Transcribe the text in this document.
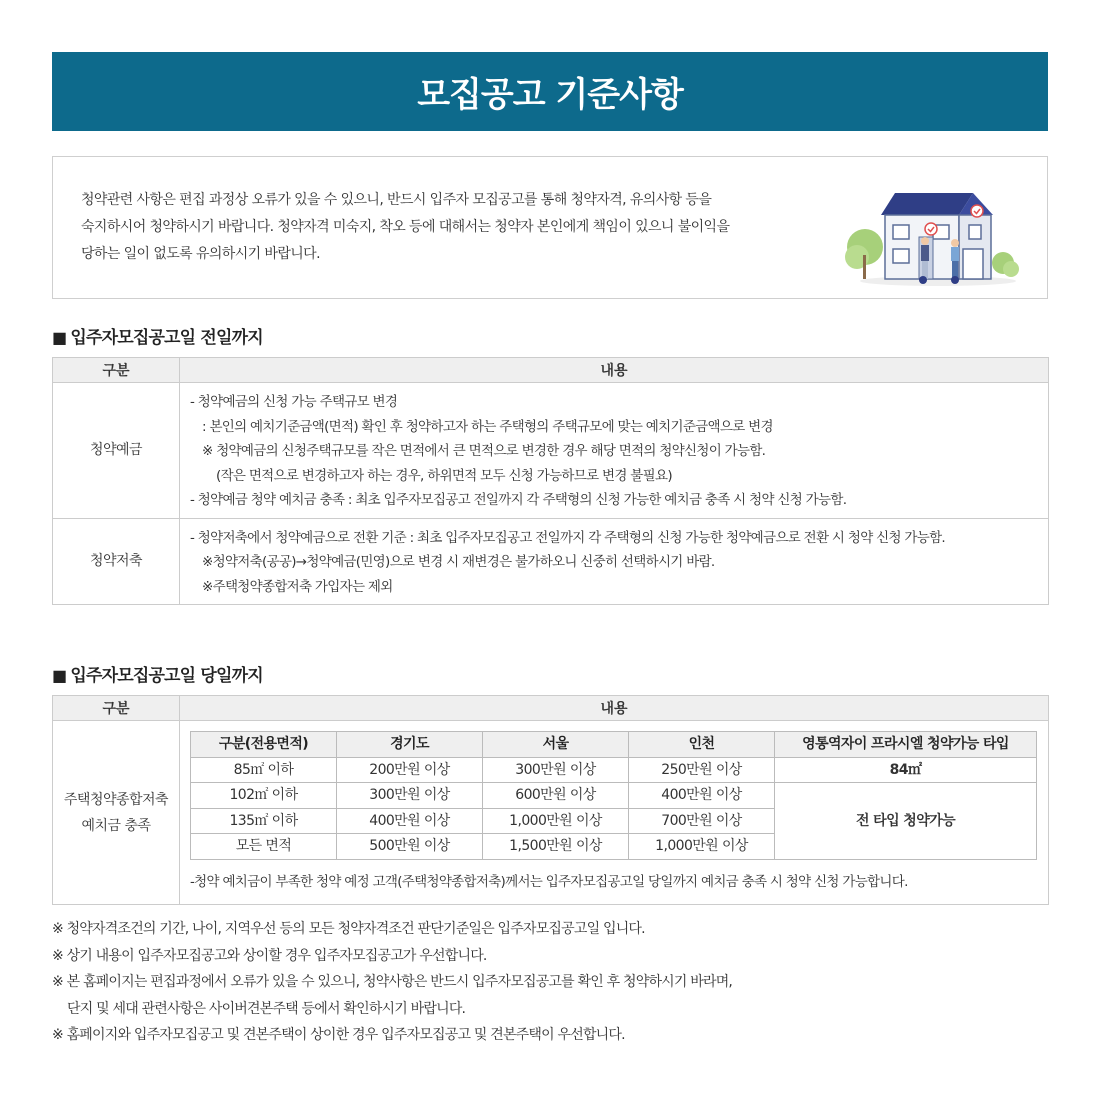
모집공고 기준사항
청약관련 사항은 편집 과정상 오류가 있을 수 있으니, 반드시 입주자 모집공고를 통해 청약자격, 유의사항 등을
숙지하시어 청약하시기 바랍니다. 청약자격 미숙지, 착오 등에 대해서는 청약자 본인에게 책임이 있으니 불이익을
당하는 일이 없도록 유의하시기 바랍니다.
■ 입주자모집공고일 전일까지
구분	내용
청약예금	- 청약예금의 신청 가능 주택규모 변경
: 본인의 예치기준금액(면적) 확인 후 청약하고자 하는 주택형의 주택규모에 맞는 예치기준금액으로 변경
※ 청약예금의 신청주택규모를 작은 면적에서 큰 면적으로 변경한 경우 해당 면적의 청약신청이 가능함.
(작은 면적으로 변경하고자 하는 경우, 하위면적 모두 신청 가능하므로 변경 불필요)
- 청약예금 청약 예치금 충족 : 최초 입주자모집공고 전일까지 각 주택형의 신청 가능한 예치금 충족 시 청약 신청 가능함.

청약저축	- 청약저축에서 청약예금으로 전환 기준 : 최초 입주자모집공고 전일까지 각 주택형의 신청 가능한 청약예금으로 전환 시 청약 신청 가능함.
※청약저축(공공)→청약예금(민영)으로 변경 시 재변경은 불가하오니 신중히 선택하시기 바람.
※주택청약종합저축 가입자는 제외
■ 입주자모집공고일 당일까지
구분	내용

주택청약종합저축
예치금 충족

구분(전용면적)	경기도	서울	인천	영통역자이 프라시엘 청약가능 타입
85㎡ 이하	200만원 이상	300만원 이상	250만원 이상	84㎡
102㎡ 이하	300만원 이상	600만원 이상	400만원 이상	전 타입 청약가능
135㎡ 이하	400만원 이상	1,000만원 이상	700만원 이상
모든 면적	500만원 이상	1,500만원 이상	1,000만원 이상
-청약 예치금이 부족한 청약 예정 고객(주택청약종합저축)께서는 입주자모집공고일 당일까지 예치금 충족 시 청약 신청 가능합니다.
※ 청약자격조건의 기간, 나이, 지역우선 등의 모든 청약자격조건 판단기준일은 입주자모집공고일 입니다.
※ 상기 내용이 입주자모집공고와 상이할 경우 입주자모집공고가 우선합니다.
※ 본 홈페이지는 편집과정에서 오류가 있을 수 있으니, 청약사항은 반드시 입주자모집공고를 확인 후 청약하시기 바라며,
단지 및 세대 관련사항은 사이버견본주택 등에서 확인하시기 바랍니다.
※ 홈페이지와 입주자모집공고 및 견본주택이 상이한 경우 입주자모집공고 및 견본주택이 우선합니다.
